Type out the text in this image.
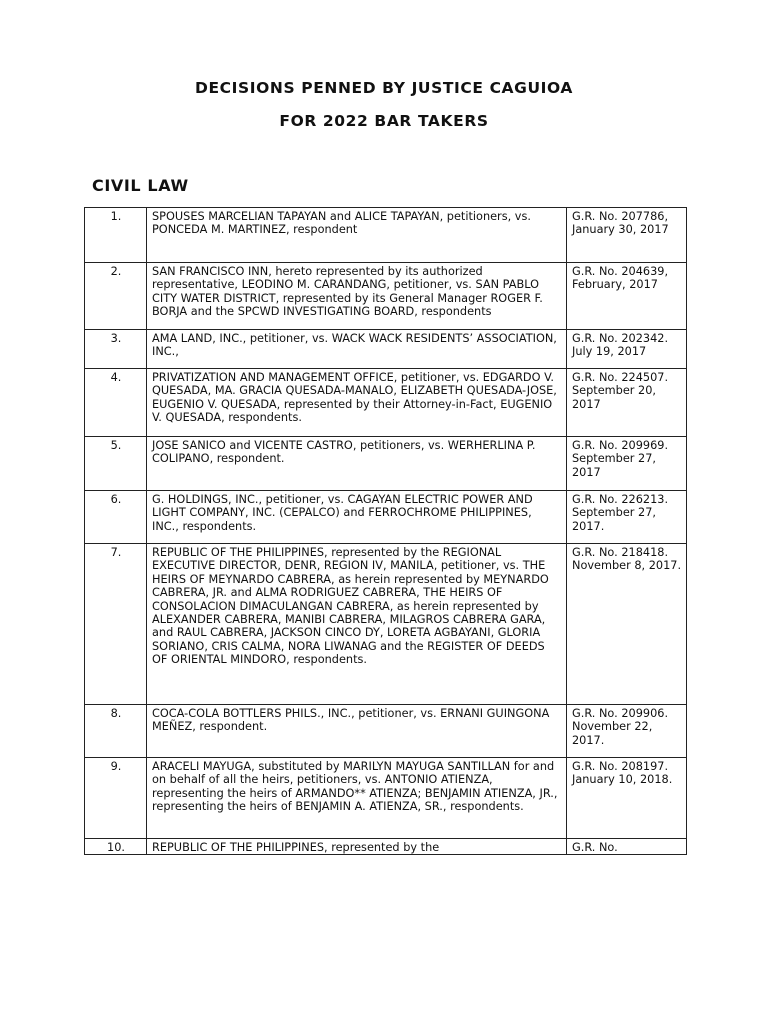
DECISIONS PENNED BY JUSTICE CAGUIOA
FOR 2022 BAR TAKERS
CIVIL LAW
1.	SPOUSES MARCELIAN TAPAYAN and ALICE TAPAYAN, petitioners, vs. PONCEDA M. MARTINEZ, respondent	G.R. No. 207786, January 30, 2017
2.	SAN FRANCISCO INN, hereto represented by its authorized representative, LEODINO M. CARANDANG, petitioner, vs. SAN PABLO CITY WATER DISTRICT, represented by its General Manager ROGER F. BORJA and the SPCWD INVESTIGATING BOARD, respondents	G.R. No. 204639, February, 2017
3.	AMA LAND, INC., petitioner, vs. WACK WACK RESIDENTS’ ASSOCIATION, INC.,	G.R. No. 202342. July 19, 2017
4.	PRIVATIZATION AND MANAGEMENT OFFICE, petitioner, vs. EDGARDO V. QUESADA, MA. GRACIA QUESADA-MANALO, ELIZABETH QUESADA-JOSE, EUGENIO V. QUESADA, represented by their Attorney-in-Fact, EUGENIO V. QUESADA, respondents.	G.R. No. 224507. September 20, 2017
5.	JOSE SANICO and VICENTE CASTRO, petitioners, vs. WERHERLINA P. COLIPANO, respondent.	G.R. No. 209969. September 27, 2017
6.	G. HOLDINGS, INC., petitioner, vs. CAGAYAN ELECTRIC POWER AND LIGHT COMPANY, INC. (CEPALCO) and FERROCHROME PHILIPPINES, INC., respondents.	G.R. No. 226213. September 27, 2017.
7.	REPUBLIC OF THE PHILIPPINES, represented by the REGIONAL EXECUTIVE DIRECTOR, DENR, REGION IV, MANILA, petitioner, vs. THE HEIRS OF MEYNARDO CABRERA, as herein represented by MEYNARDO CABRERA, JR. and ALMA RODRIGUEZ CABRERA, THE HEIRS OF CONSOLACION DIMACULANGAN CABRERA, as herein represented by ALEXANDER CABRERA, MANIBI CABRERA, MILAGROS CABRERA GARA, and RAUL CABRERA, JACKSON CINCO DY, LORETA AGBAYANI, GLORIA SORIANO, CRIS CALMA, NORA LIWANAG and the REGISTER OF DEEDS OF ORIENTAL MINDORO, respondents.	G.R. No. 218418. November 8, 2017.
8.	COCA-COLA BOTTLERS PHILS., INC., petitioner, vs. ERNANI GUINGONA MEÑEZ, respondent.	G.R. No. 209906. November 22, 2017.
9.	ARACELI MAYUGA, substituted by MARILYN MAYUGA SANTILLAN for and on behalf of all the heirs, petitioners, vs. ANTONIO ATIENZA, representing the heirs of ARMANDO** ATIENZA; BENJAMIN ATIENZA, JR., representing the heirs of BENJAMIN A. ATIENZA, SR., respondents.	G.R. No. 208197. January 10, 2018.
10.	REPUBLIC OF THE PHILIPPINES, represented by the	G.R. No.
